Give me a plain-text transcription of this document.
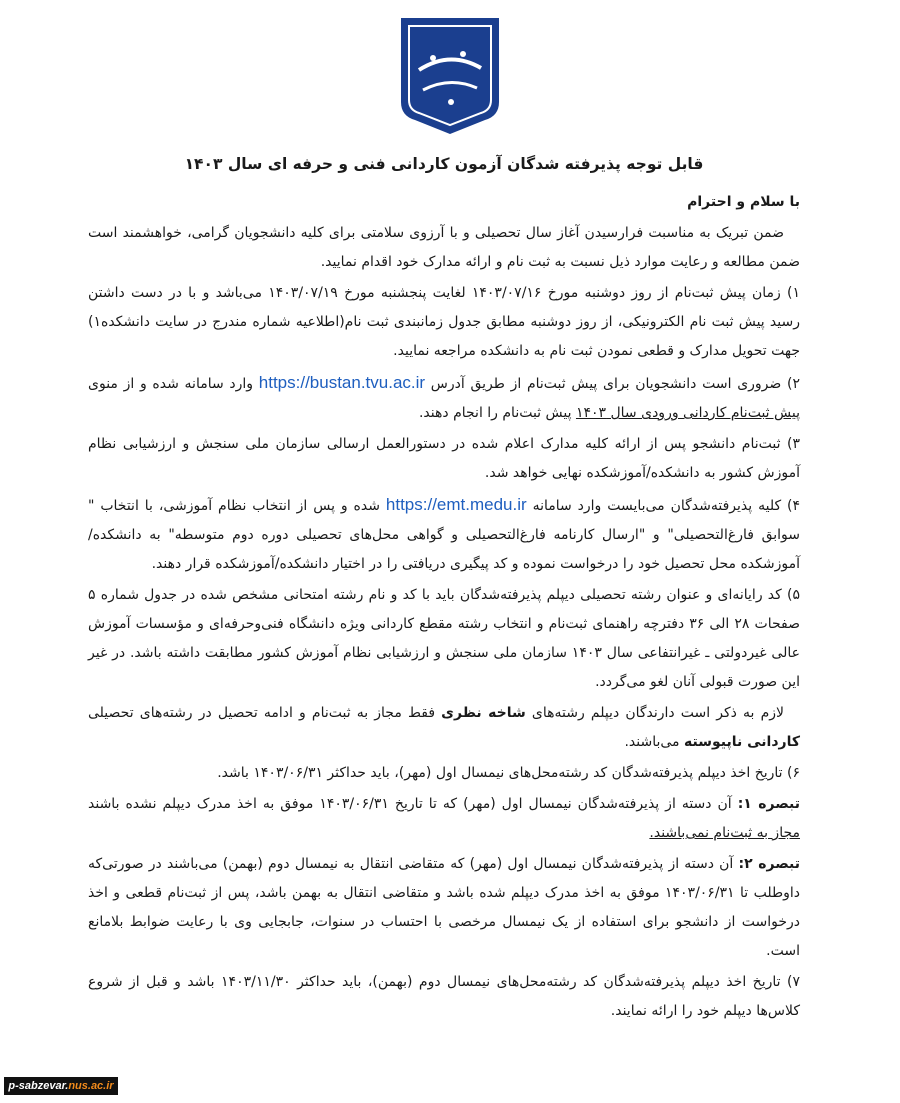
قابل توجه پذیرفته شدگان آزمون کاردانی فنی و حرفه ای سال ۱۴۰۳
با سلام و احترام
ضمن تبریک به مناسبت فرارسیدن آغاز سال تحصیلی و با آرزوی سلامتی برای کلیه دانشجویان گرامی، خواهشمند است ضمن مطالعه و رعایت موارد ذیل نسبت به ثبت نام و ارائه مدارک خود اقدام نمایید.
۱) زمان پیش ثبت‌نام از روز دوشنبه مورخ ۱۴۰۳/۰۷/۱۶ لغایت پنجشنبه مورخ ۱۴۰۳/۰۷/۱۹ می‌باشد و با در دست داشتن رسید پیش ثبت نام الکترونیکی، از روز دوشنبه مطابق جدول زمانبندی ثبت نام(اطلاعیه شماره مندرج در سایت دانشکده۱) جهت تحویل مدارک و قطعی نمودن ثبت نام به دانشکده مراجعه نمایید.
۲) ضروری است دانشجویان برای پیش ثبت‌نام از طریق آدرس https://bustan.tvu.ac.ir وارد سامانه شده و از منوی پیش ثبت‌نام کاردانی ورودی سال ۱۴۰۳ پیش ثبت‌نام را انجام دهند.
۳) ثبت‌نام دانشجو پس از ارائه کلیه مدارک اعلام شده در دستورالعمل ارسالی سازمان ملی سنجش و ارزشیابی نظام آموزش کشور به دانشکده/آموزشکده نهایی خواهد شد.
۴) کلیه پذیرفته‌شدگان می‌بایست وارد سامانه https://emt.medu.ir شده و پس از انتخاب نظام آموزشی، با انتخاب " سوابق فارغ‌التحصیلی" و "ارسال کارنامه فارغ‌التحصیلی و گواهی محل‌های تحصیلی دوره دوم متوسطه" به دانشکده/آموزشکده محل تحصیل خود را درخواست نموده و کد پیگیری دریافتی را در اختیار دانشکده/آموزشکده قرار دهند.
۵) کد رایانه‌ای و عنوان رشته تحصیلی دیپلم پذیرفته‌شدگان باید با کد و نام رشته امتحانی مشخص شده در جدول شماره ۵ صفحات ۲۸ الی ۳۶ دفترچه راهنمای ثبت‌نام و انتخاب رشته مقطع کاردانی ویژه دانشگاه فنی‌وحرفه‌ای و مؤسسات آموزش عالی غیردولتی ـ غیرانتفاعی سال ۱۴۰۳ سازمان ملی سنجش و ارزشیابی نظام آموزش کشور مطابقت داشته باشد. در غیر این صورت قبولی آنان لغو می‌گردد.
لازم به ذکر است دارندگان دیپلم رشته‌های شاخه نظری فقط مجاز به ثبت‌نام و ادامه تحصیل در رشته‌های تحصیلی کاردانی ناپیوسته می‌باشند.
۶) تاریخ اخذ دیپلم پذیرفته‌شدگان کد رشته‌محل‌های نیمسال اول (مهر)، باید حداکثر ۱۴۰۳/۰۶/۳۱ باشد.
تبصره ۱: آن دسته از پذیرفته‌شدگان نیمسال اول (مهر) که تا تاریخ ۱۴۰۳/۰۶/۳۱ موفق به اخذ مدرک دیپلم نشده باشند مجاز به ثبت‌نام نمی‌باشند.
تبصره ۲: آن دسته از پذیرفته‌شدگان نیمسال اول (مهر) که متقاضی انتقال به نیمسال دوم (بهمن) می‌باشند در صورتی‌که داوطلب تا ۱۴۰۳/۰۶/۳۱ موفق به اخذ مدرک دیپلم شده باشد و متقاضی انتقال به بهمن باشد، پس از ثبت‌نام قطعی و اخذ درخواست از دانشجو برای استفاده از یک نیمسال مرخصی با احتساب در سنوات، جابجایی وی با رعایت ضوابط بلامانع است.
۷) تاریخ اخذ دیپلم پذیرفته‌شدگان کد رشته‌محل‌های نیمسال دوم (بهمن)، باید حداکثر ۱۴۰۳/۱۱/۳۰ باشد و قبل از شروع کلاس‌ها دیپلم خود را ارائه نمایند.
p-sabzevar.nus.ac.ir
